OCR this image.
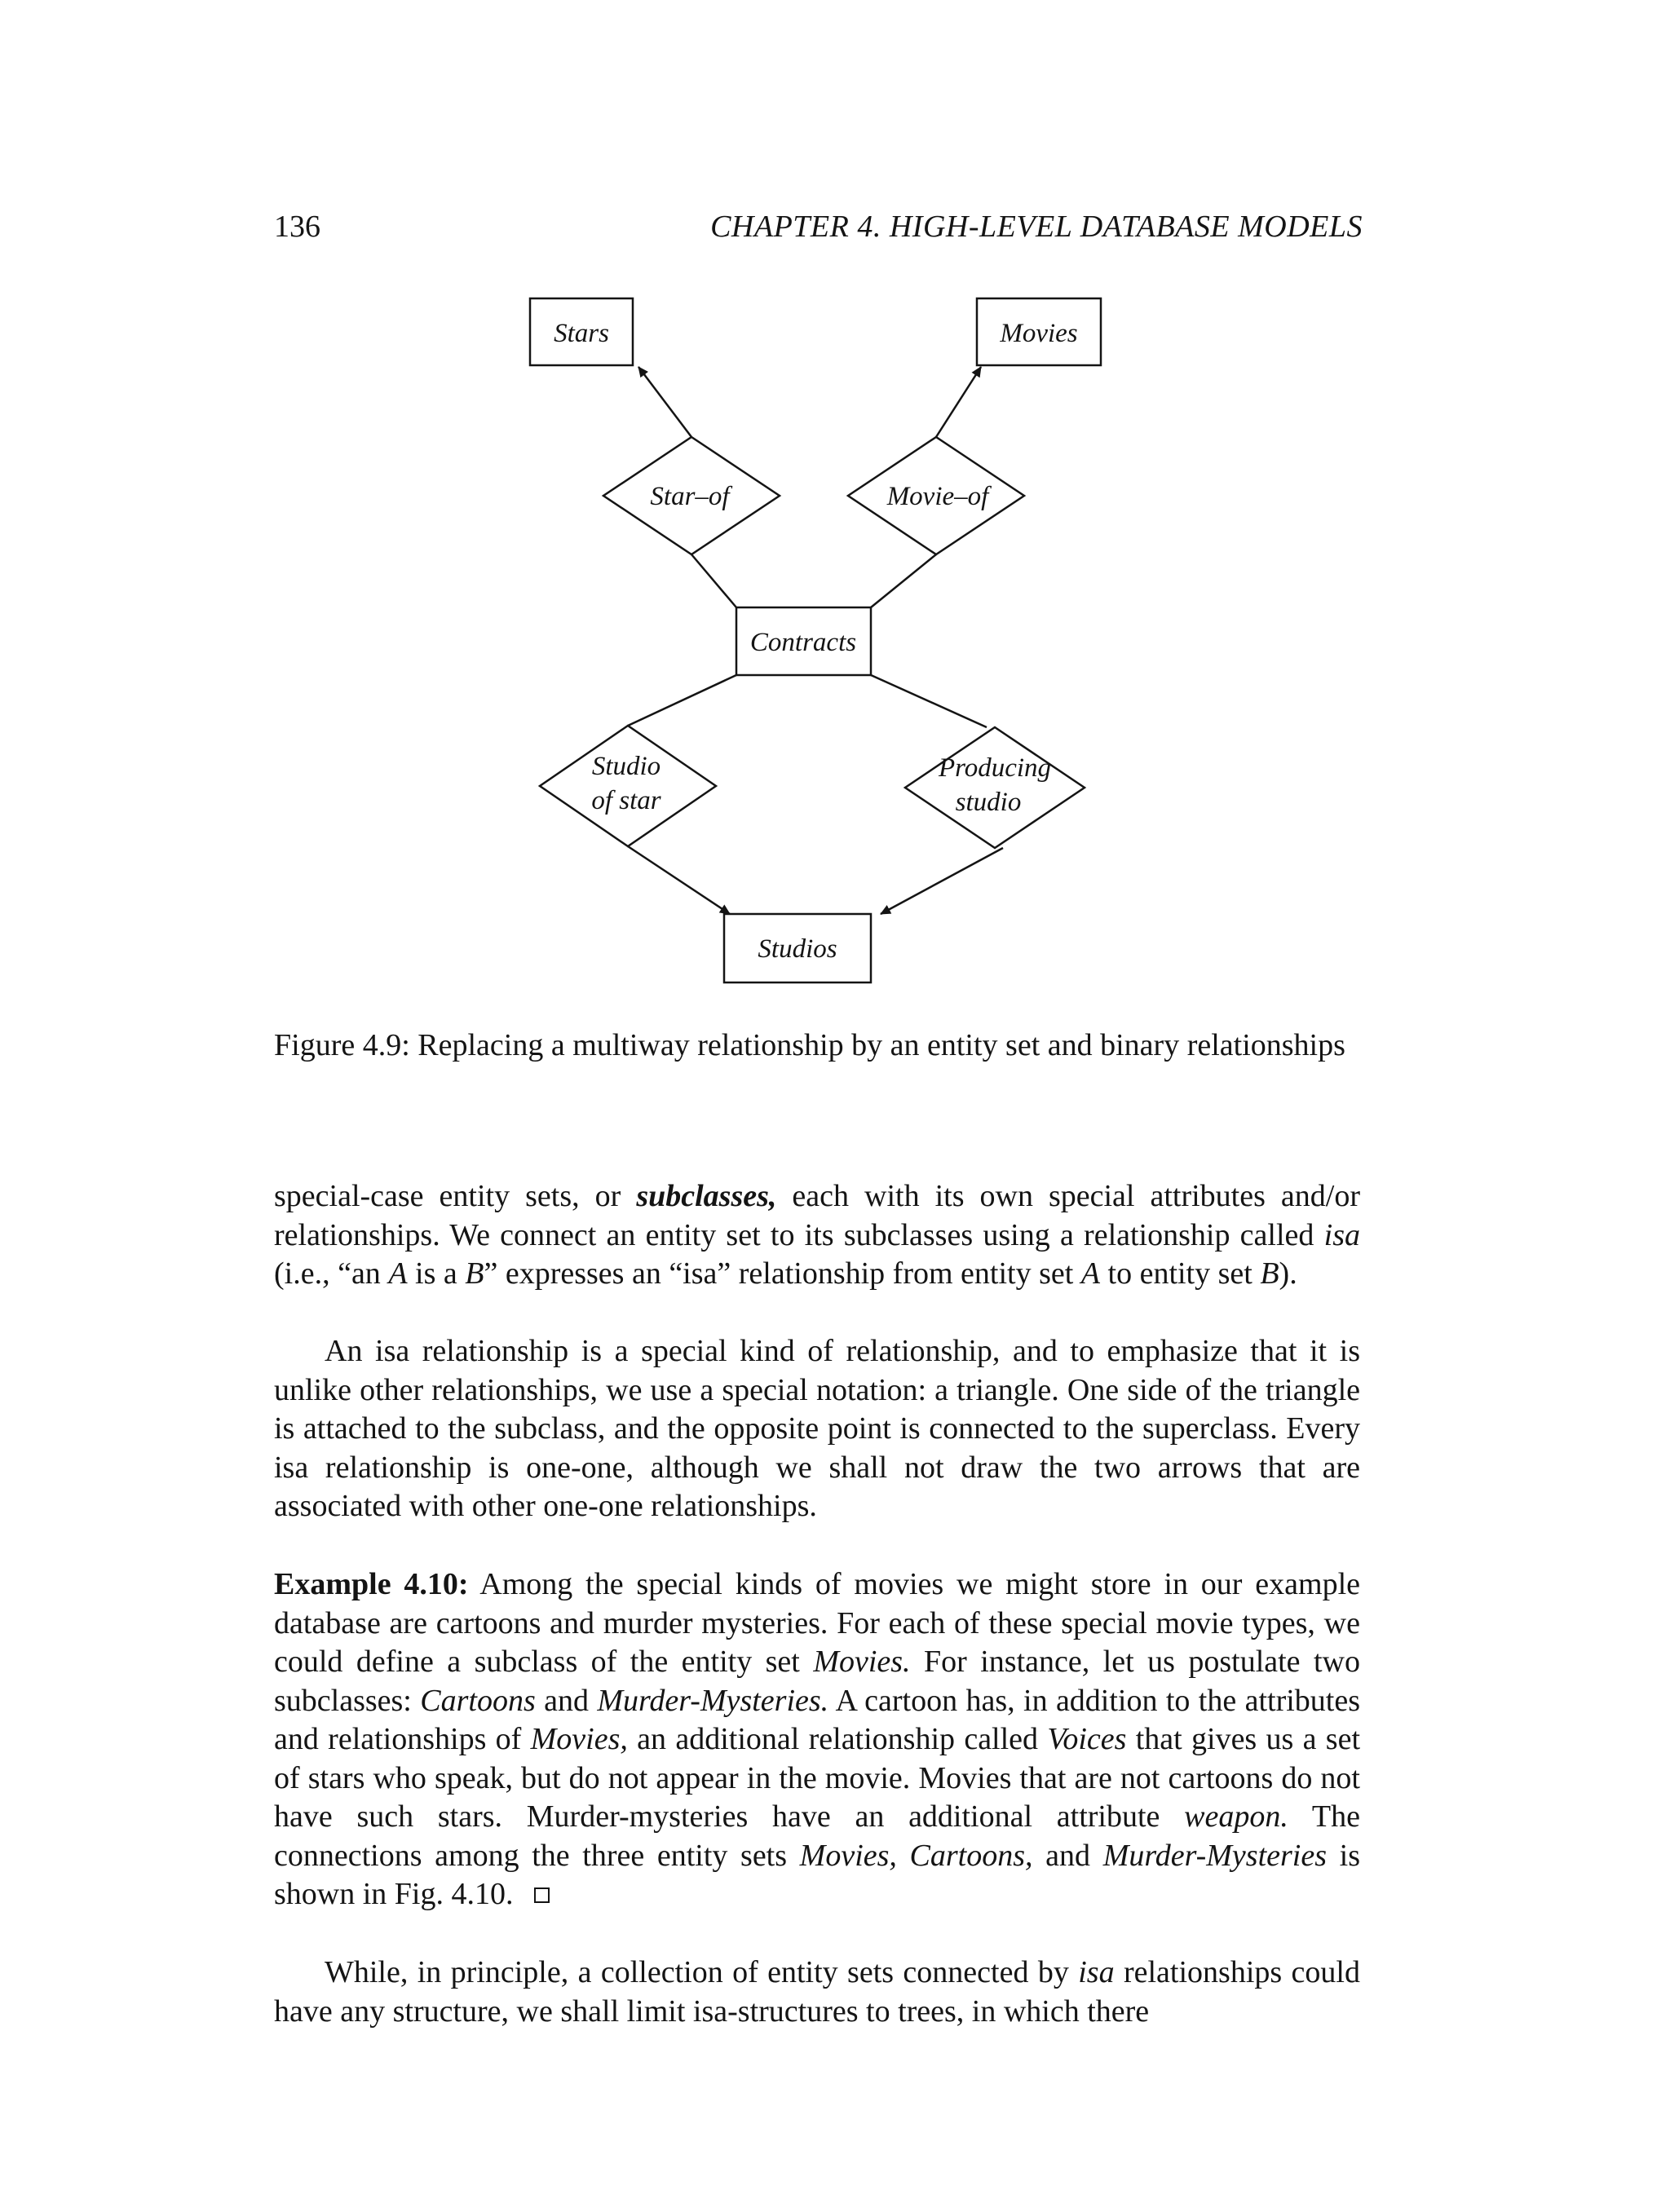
136	CHAPTER 4. HIGH-LEVEL DATABASE MODELS
Stars	Movies
Contracts
Studios
Star–of	Movie–of
Studio
of star
Producing
studio
Figure 4.9: Replacing a multiway relationship by an entity set and binary relationships

special-case entity sets, or subclasses, each with its own special attributes and/or relationships. We connect an entity set to its subclasses using a relationship called isa (i.e., “an A is a B” expresses an “isa” relationship from entity set A to entity set B).

An isa relationship is a special kind of relationship, and to emphasize that it is unlike other relationships, we use a special notation: a triangle. One side of the triangle is attached to the subclass, and the opposite point is connected to the superclass. Every isa relationship is one-one, although we shall not draw the two arrows that are associated with other one-one relationships.

Example 4.10: Among the special kinds of movies we might store in our example database are cartoons and murder mysteries. For each of these special movie types, we could define a subclass of the entity set Movies. For instance, let us postulate two subclasses: Cartoons and Murder-Mysteries. A cartoon has, in addition to the attributes and relationships of Movies, an additional relationship called Voices that gives us a set of stars who speak, but do not appear in the movie. Movies that are not cartoons do not have such stars. Murder-mysteries have an additional attribute weapon. The connections among the three entity sets Movies, Cartoons, and Murder-Mysteries is shown in Fig. 4.10.

While, in principle, a collection of entity sets connected by isa relationships could have any structure, we shall limit isa-structures to trees, in which there
